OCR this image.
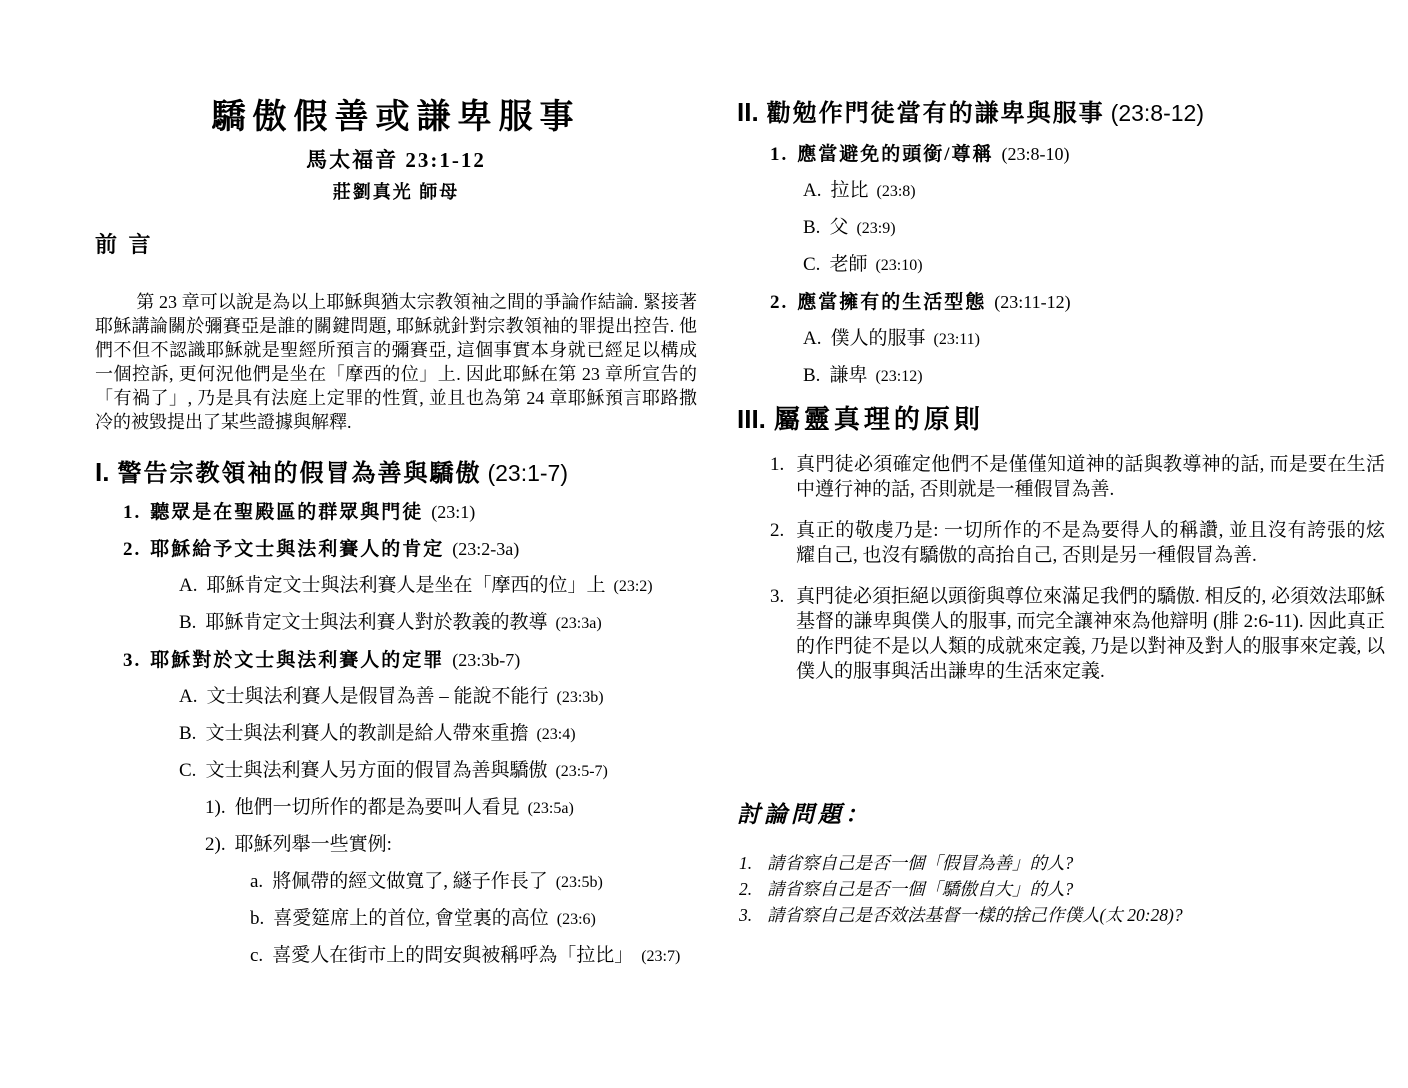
驕傲假善或謙卑服事
馬太福音 23:1-12
莊劉真光 師母
前 言
第 23 章可以說是為以上耶穌與猶太宗教領袖之間的爭論作結論. 緊接著耶穌講論關於彌賽亞是誰的關鍵問題, 耶穌就針對宗教領袖的罪提出控告. 他們不但不認識耶穌就是聖經所預言的彌賽亞, 這個事實本身就已經足以構成一個控訴, 更何況他們是坐在「摩西的位」上. 因此耶穌在第 23 章所宣告的「有禍了」, 乃是具有法庭上定罪的性質, 並且也為第 24 章耶穌預言耶路撒冷的被毀提出了某些證據與解釋.
I. 警告宗教領袖的假冒為善與驕傲 (23:1-7)
1. 聽眾是在聖殿區的群眾與門徒 (23:1)
2. 耶穌給予文士與法利賽人的肯定 (23:2-3a)
A. 耶穌肯定文士與法利賽人是坐在「摩西的位」上 (23:2)
B. 耶穌肯定文士與法利賽人對於教義的教導 (23:3a)
3. 耶穌對於文士與法利賽人的定罪 (23:3b-7)
A. 文士與法利賽人是假冒為善 – 能說不能行 (23:3b)
B. 文士與法利賽人的教訓是給人帶來重擔 (23:4)
C. 文士與法利賽人另方面的假冒為善與驕傲 (23:5-7)
1). 他們一切所作的都是為要叫人看見 (23:5a)
2). 耶穌列舉一些實例:
a. 將佩帶的經文做寬了, 繸子作長了 (23:5b)
b. 喜愛筵席上的首位, 會堂裏的高位 (23:6)
c. 喜愛人在街市上的問安與被稱呼為「拉比」 (23:7)
II. 勸勉作門徒當有的謙卑與服事 (23:8-12)
1. 應當避免的頭銜/尊稱 (23:8-10)
A. 拉比 (23:8)
B. 父 (23:9)
C. 老師 (23:10)
2. 應當擁有的生活型態 (23:11-12)
A. 僕人的服事 (23:11)
B. 謙卑 (23:12)
III. 屬靈真理的原則
1. 真門徒必須確定他們不是僅僅知道神的話與教導神的話, 而是要在生活中遵行神的話, 否則就是一種假冒為善.
2. 真正的敬虔乃是: 一切所作的不是為要得人的稱讚, 並且沒有誇張的炫耀自己, 也沒有驕傲的高抬自己, 否則是另一種假冒為善.
3. 真門徒必須拒絕以頭銜與尊位來滿足我們的驕傲. 相反的, 必須效法耶穌基督的謙卑與僕人的服事, 而完全讓神來為他辯明 (腓 2:6-11). 因此真正的作門徒不是以人類的成就來定義, 乃是以對神及對人的服事來定義, 以僕人的服事與活出謙卑的生活來定義.
討論問題：
1. 請省察自己是否一個「假冒為善」的人?
2. 請省察自己是否一個「驕傲自大」的人?
3. 請省察自己是否效法基督一樣的捨己作僕人(太 20:28)?
